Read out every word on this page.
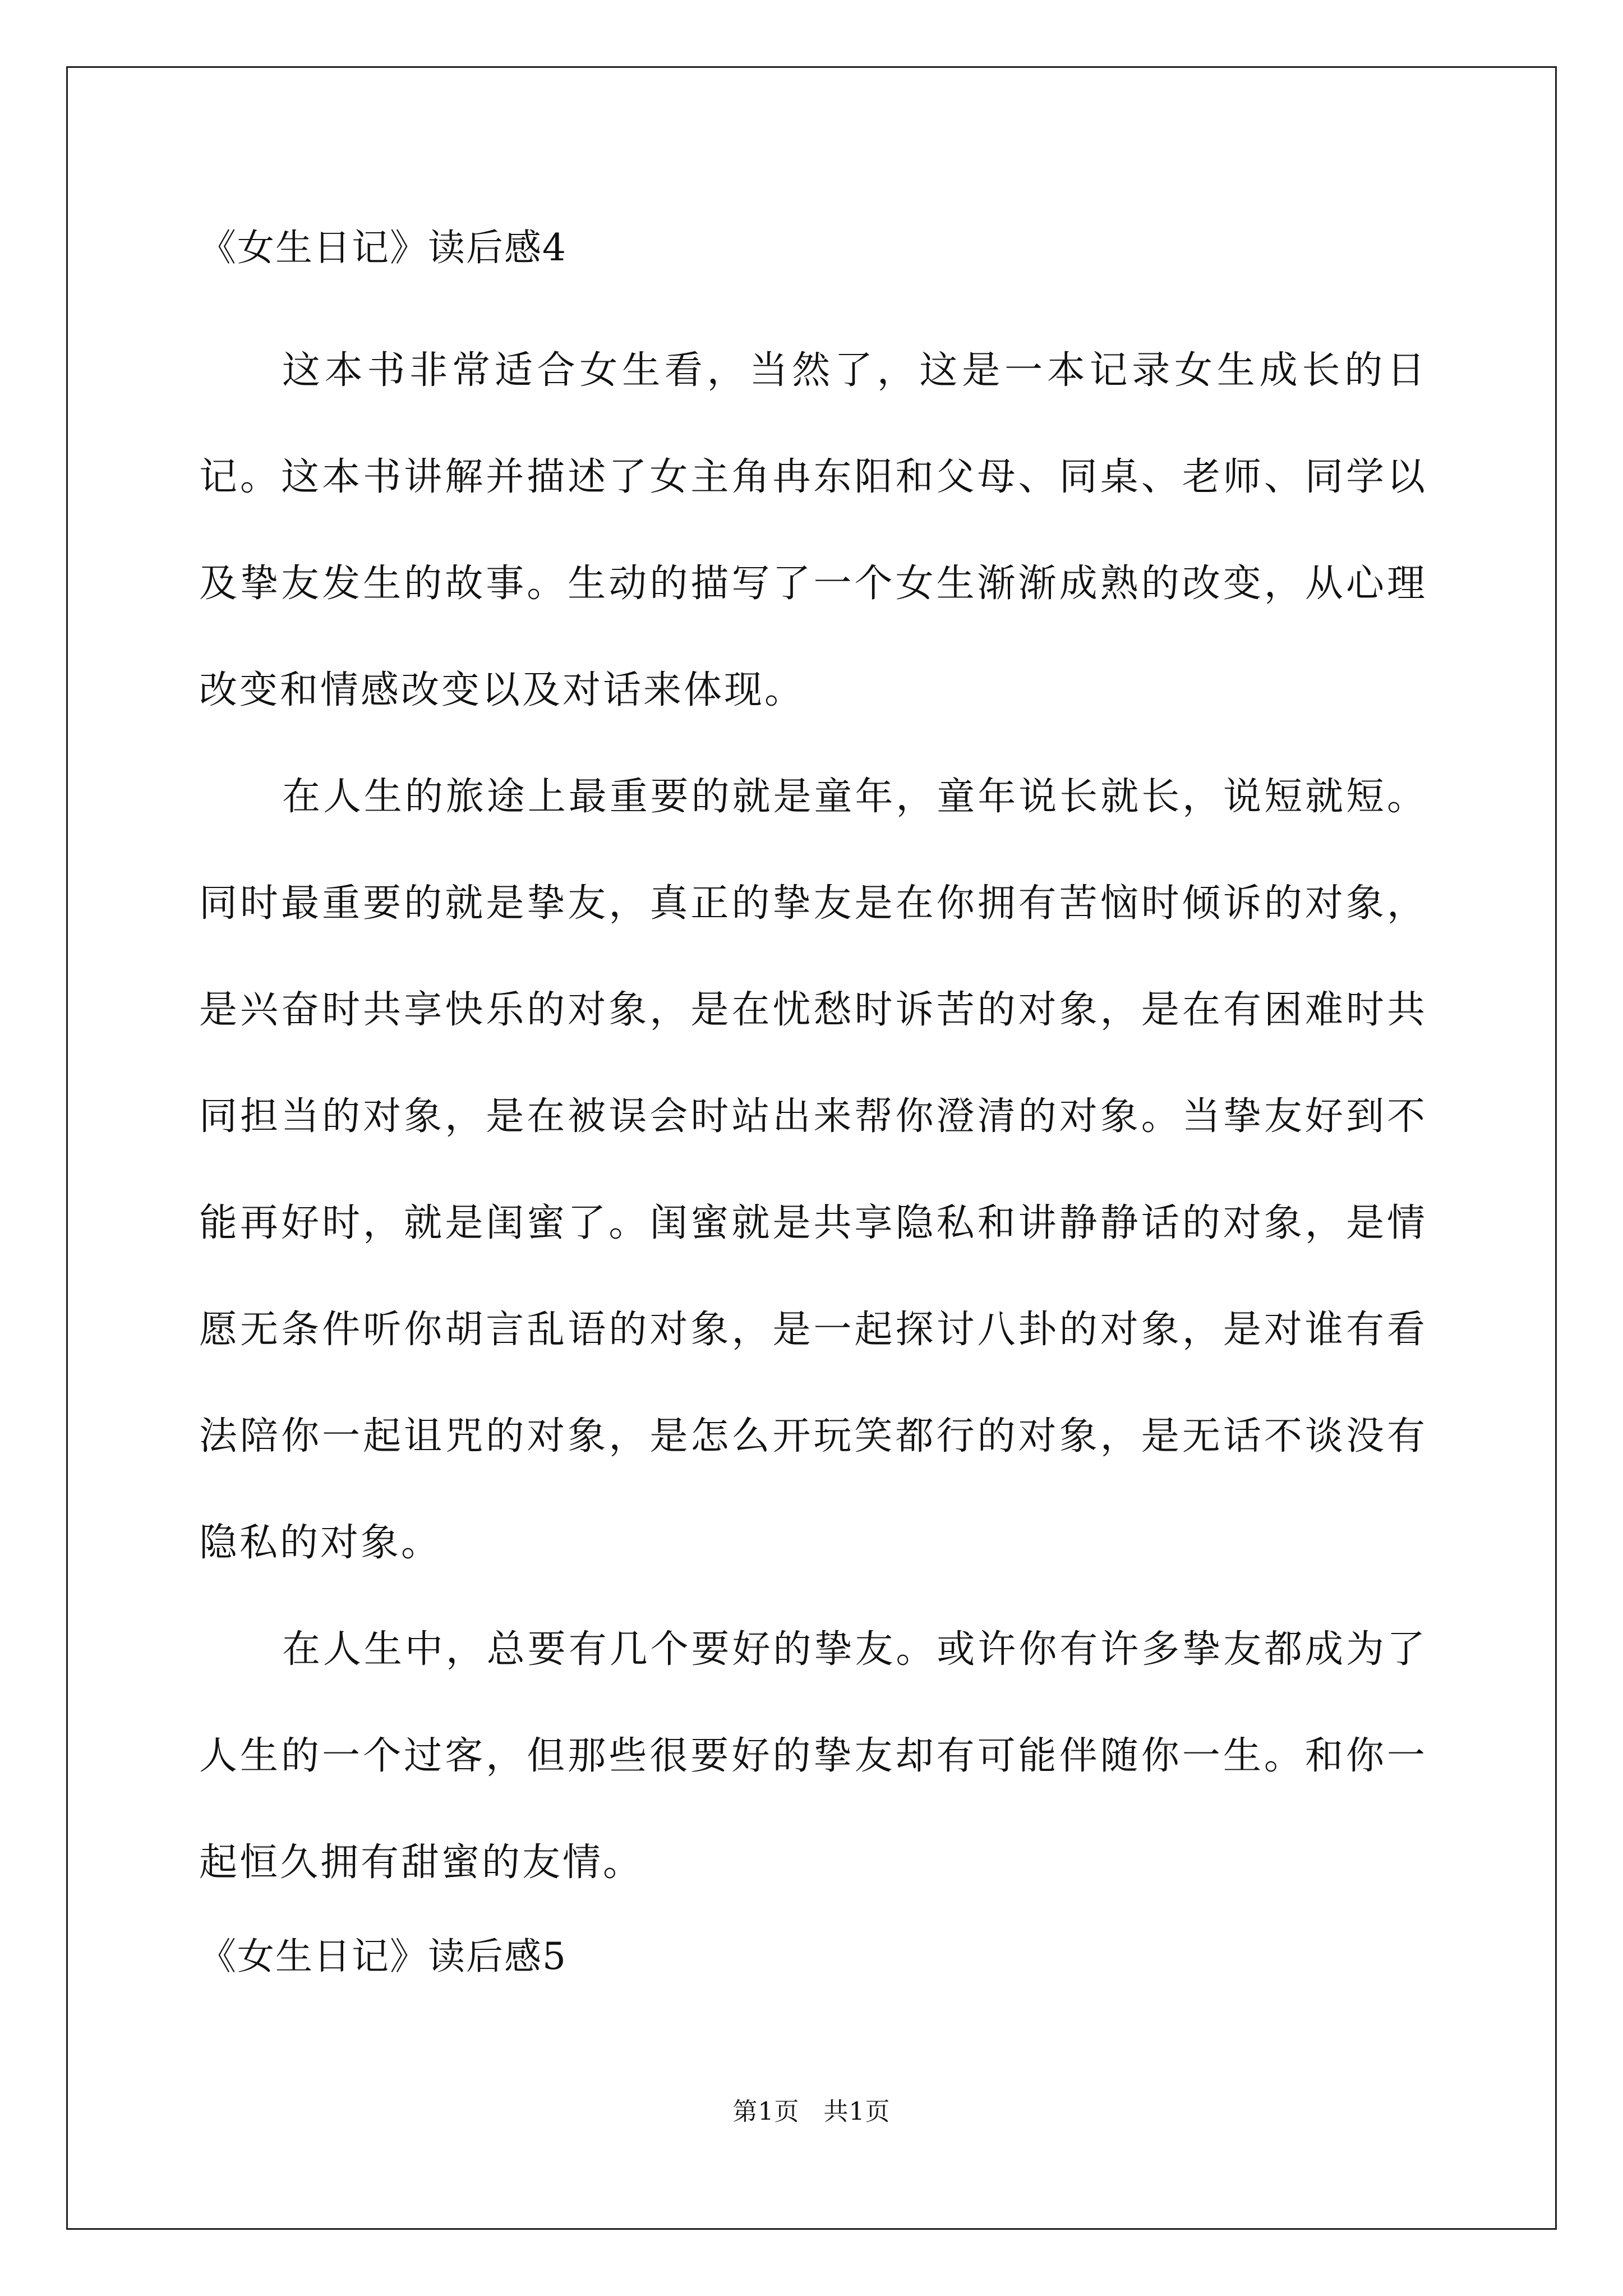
《女生日记》读后感4

这本书非常适合女生看，当然了，这是一本记录女生成长的日记。这本书讲解并描述了女主角冉东阳和父母、同桌、老师、同学以及挚友发生的故事。生动的描写了一个女生渐渐成熟的改变，从心理改变和情感改变以及对话来体现。

在人生的旅途上最重要的就是童年，童年说长就长，说短就短。同时最重要的就是挚友，真正的挚友是在你拥有苦恼时倾诉的对象，是兴奋时共享快乐的对象，是在忧愁时诉苦的对象，是在有困难时共同担当的对象，是在被误会时站出来帮你澄清的对象。当挚友好到不能再好时，就是闺蜜了。闺蜜就是共享隐私和讲静静话的对象，是情愿无条件听你胡言乱语的对象，是一起探讨八卦的对象，是对谁有看法陪你一起诅咒的对象，是怎么开玩笑都行的对象，是无话不谈没有隐私的对象。

在人生中，总要有几个要好的挚友。或许你有许多挚友都成为了人生的一个过客，但那些很要好的挚友却有可能伴随你一生。和你一起恒久拥有甜蜜的友情。

《女生日记》读后感5
第1页 共1页
